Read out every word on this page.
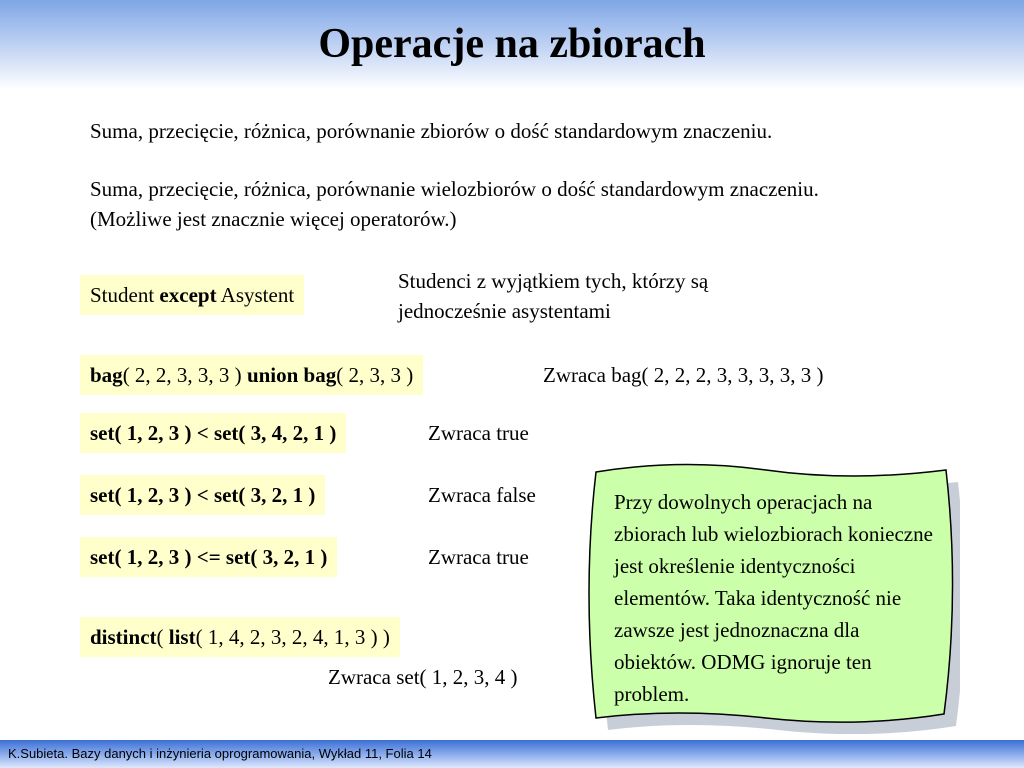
Operacje na zbiorach
Suma, przecięcie, różnica, porównanie zbiorów o dość standardowym znaczeniu.
Suma, przecięcie, różnica, porównanie wielozbiorów o dość standardowym znaczeniu. (Możliwe jest znacznie więcej operatorów.)
Student except Asystent
Studenci z wyjątkiem tych, którzy są jednocześnie asystentami
bag( 2, 2, 3, 3, 3 ) union bag( 2, 3, 3 )	Zwraca bag( 2, 2, 2, 3, 3, 3, 3, 3 )
set( 1, 2, 3 ) < set( 3, 4, 2, 1 )	Zwraca true
set( 1, 2, 3 ) < set( 3, 2, 1 )	Zwraca false
set( 1, 2, 3 ) <= set( 3, 2, 1 )	Zwraca true
distinct( list( 1, 4, 2, 3, 2, 4, 1, 3 ) )
Zwraca set( 1, 2, 3, 4 )
Przy dowolnych operacjach na zbiorach lub wielozbiorach konieczne jest określenie identyczności elementów. Taka identyczność nie zawsze jest jednoznaczna dla obiektów. ODMG ignoruje ten problem.
K.Subieta. Bazy danych i inżynieria oprogramowania, Wykład 11, Folia 14
